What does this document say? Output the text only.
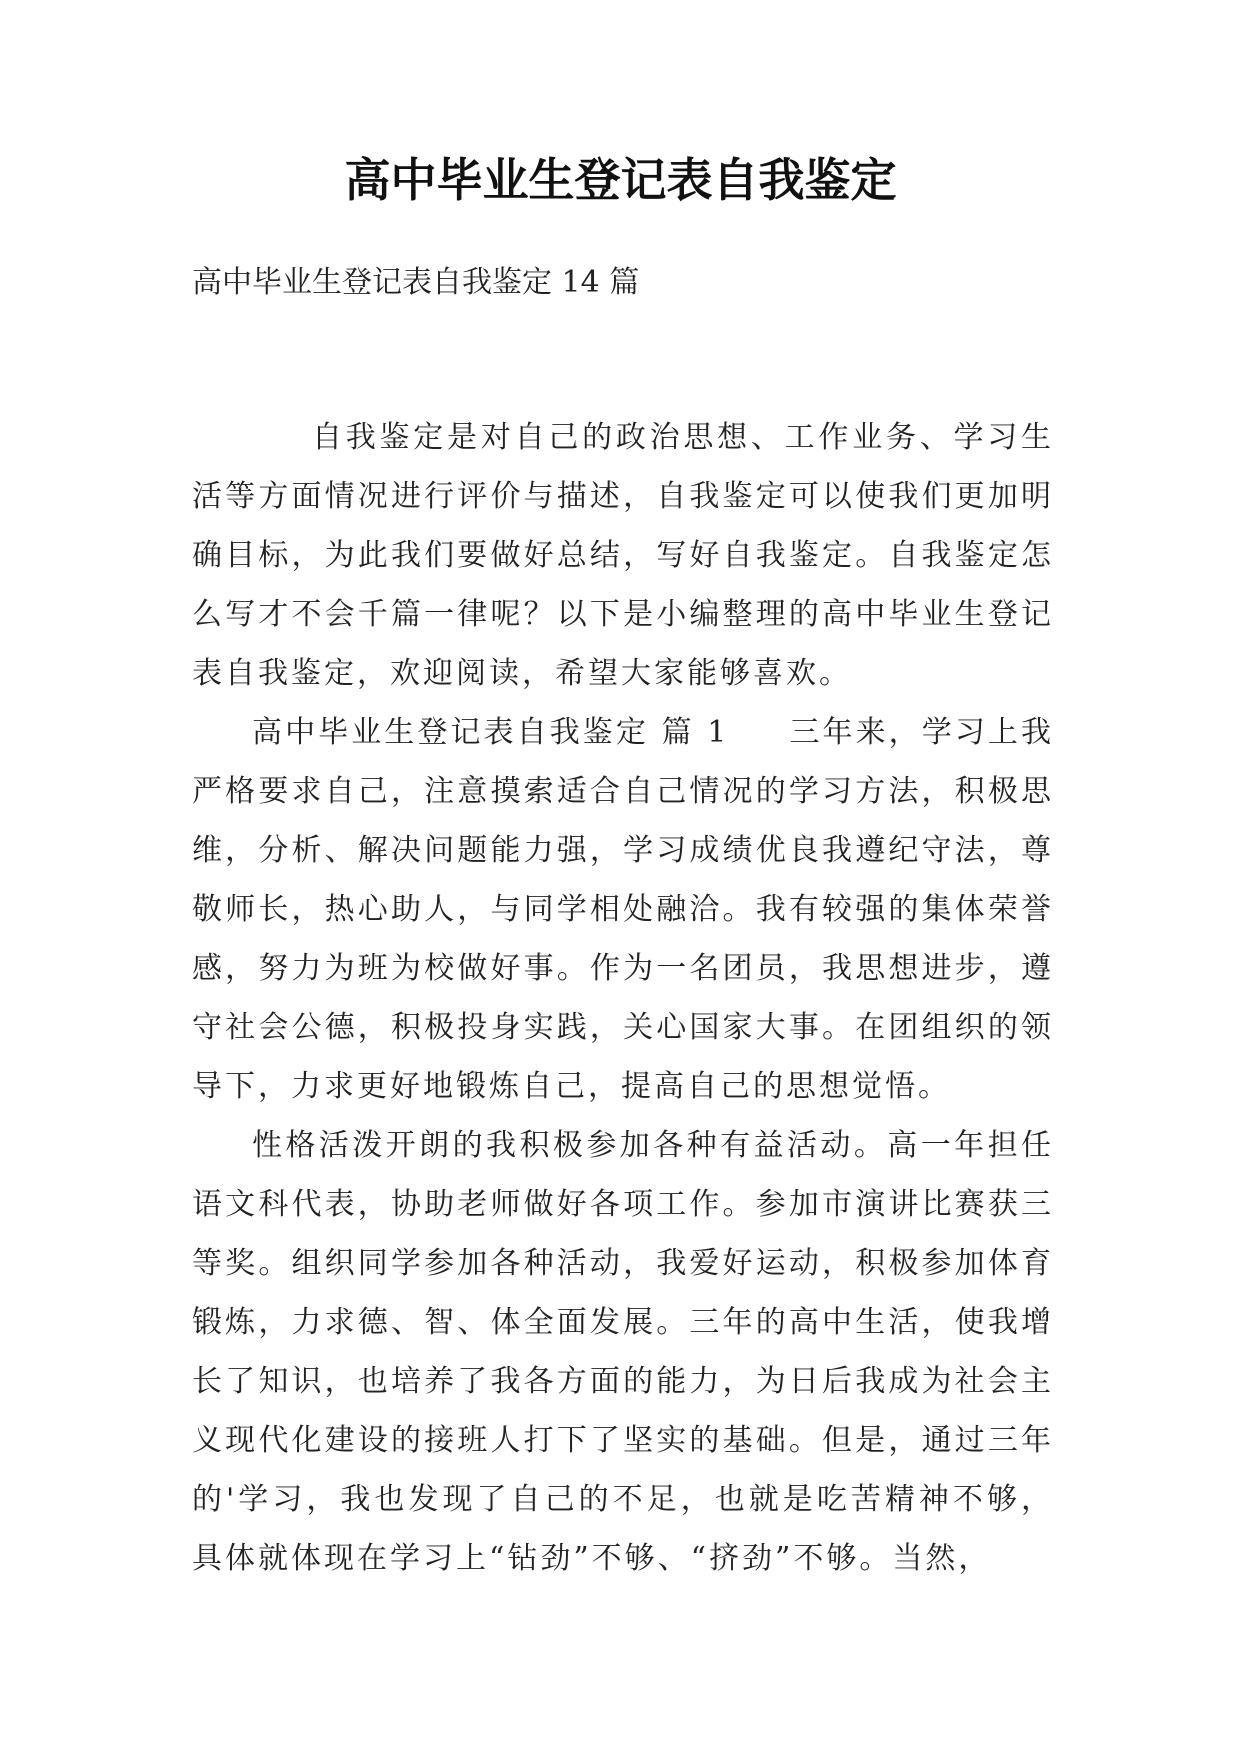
高中毕业生登记表自我鉴定

高中毕业生登记表自我鉴定 14 篇

自我鉴定是对自己的政治思想、工作业务、学习生活等方面情况进行评价与描述，自我鉴定可以使我们更加明确目标，为此我们要做好总结，写好自我鉴定。自我鉴定怎么写才不会千篇一律呢？以下是小编整理的高中毕业生登记表自我鉴定，欢迎阅读，希望大家能够喜欢。

高中毕业生登记表自我鉴定 篇 1 三年来，学习上我严格要求自己，注意摸索适合自己情况的学习方法，积极思维，分析、解决问题能力强，学习成绩优良我遵纪守法，尊敬师长，热心助人，与同学相处融洽。我有较强的集体荣誉感，努力为班为校做好事。作为一名团员，我思想进步，遵守社会公德，积极投身实践，关心国家大事。在团组织的领导下，力求更好地锻炼自己，提高自己的思想觉悟。

性格活泼开朗的我积极参加各种有益活动。高一年担任语文科代表，协助老师做好各项工作。参加市演讲比赛获三等奖。组织同学参加各种活动，我爱好运动，积极参加体育锻炼，力求德、智、体全面发展。三年的高中生活，使我增长了知识，也培养了我各方面的能力，为日后我成为社会主义现代化建设的接班人打下了坚实的基础。但是，通过三年的'学习，我也发现了自己的不足，也就是吃苦精神不够，具体就体现在学习上“钻劲”不够、“挤劲”不够。当然，
